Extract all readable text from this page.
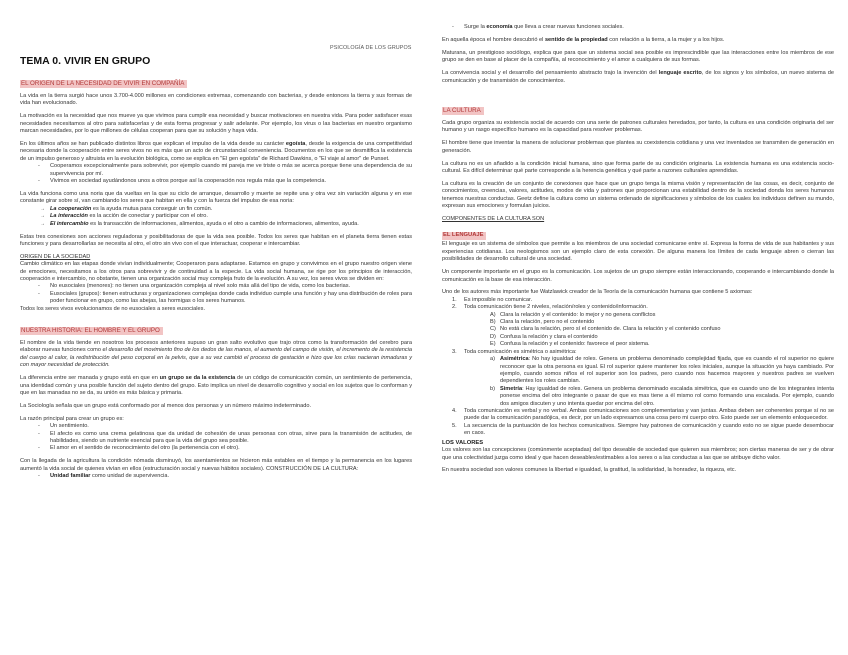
PSICOLOGÍA DE LOS GRUPOS
TEMA 0. VIVIR EN GRUPO
EL ORIGEN DE LA NECESIDAD DE VIVIR EN COMPAÑÍA

La vida en la tierra surgió hace unos 3.700-4.000 millones en condiciones extremas, comenzando con bacterias, y desde entonces la tierra y sus formas de vida han evolucionado.

La motivación es la necesidad que nos mueve ya que vivimos para cumplir esa necesidad y buscar motivaciones en nuestra vida. Para poder satisfacer esas necesidades necesitamos al otro para satisfacerlas y de esta forma progresar y salir adelante. Por ejemplo, los virus o las bacterias en nuestro organismo marcan necesidades, por lo que millones de células cooperan para que su solución y haya vida.

En los últimos años se han publicado distintos libros que explican el impulso de la vida desde su carácter egoísta, desde la exigencia de una competitividad necesaria donde la cooperación entre seres vivos no es más que un acto de circunstancial conveniencia. Documentos en los que se desmitifica la existencia de un impulso generoso y altruista en la evolución biológica, como se explica en "El gen egoísta" de Richard Dawkins, o "El viaje al amor" de Punset.

- Cooperamos excepcionalmente para sobrevivir, por ejemplo cuando mi pareja me ve triste o más se acerca porque tiene una dependencia de su supervivencia por mí.
- Vivimos en sociedad ayudándonos unos a otros porque así la cooperación nos regula más que la competencia.

La vida funciona como una noria que da vueltas en la que su ciclo de arranque, desarrollo y muerte se repite una y otra vez sin variación alguna y en ese constante girar sobre sí, van cambiando los seres que habitan en ella y con la fuerza del impulso de esa noria:

→ La cooperación es la ayuda mutua para conseguir un fin común.
→ La interacción es la acción de conectar y participar con el otro.
→ El intercambio es la transacción de informaciones, alimentos, ayuda o el otro a cambio de informaciones, alimentos, ayuda.

Estas tres conexiones son acciones reguladoras y posibilitadoras de que la vida sea posible. Todos los seres que habitan en el planeta tierra tienen estas funciones y para desarrollarlas se necesita al otro, el otro sin vivo con el que interactuar, cooperar e intercambiar.

ORIGEN DE LA SOCIEDAD

Cambio climático en las etapas donde vivían individualmente; Cooperaron para adaptarse. Estamos en grupo y convivimos en el grupo nuestro origen viene de emociones, necesitamos a los otros para sobrevivir y de continuidad a la especie. La vida social humana, se rige por los principios de interacción, cooperación e intercambio, no obstante, tienen una organización social muy compleja fruto de la evolución. A su vez, los seres vivos se dividen en:

- No eusociales (menores): no tienen una organización compleja al nivel solo más allá del tipo de vida, como los bacterias.
- Eusociales (grupos): tienen estructuras y organizaciones complejas donde cada individuo cumple una función y hay una distribución de roles para poder funcionar en grupo, como las abejas, las hormigas o los seres humanos.

Todos los seres vivos evolucionamos de no eusociales a seres eusociales.

NUESTRA HISTORIA: EL HOMBRE Y EL GRUPO

El nombre de la vida tiende en nosotros los procesos anteriores supuso un gran salto evolutivo que trajo otros como la transformación del cerebro para elaborar nuevas funciones como el desarrollo del movimiento fino de los dedos de las manos, el aumento del campo de visión, el incremento de la resistencia del cuerpo al calor, la redistribución del peso corporal en la pelvis, que a su vez cambió el proceso de gestación e hizo que los crías nacieran inmaduras y con mayor necesidad de protección.

La diferencia entre ser manada y grupo está en que en un grupo se da la existencia de un código de comunicación común, un sentimiento de pertenencia, una identidad común y una posible función del sujeto dentro del grupo. Esto implica un nivel de desarrollo cognitivo y social en los sujetos que lo conforman y que en las manadas no se da, su unión es más básica y primaria.

La Sociología señala que un grupo está conformado por al menos dos personas y un número máximo indeterminado.

La razón principal para crear un grupo es:

- Un sentimiento.
- El afecto es como una crema gelatinosa que da unidad de cohesión de unas personas con otras, sirve para la transmisión de actitudes, de habilidades, siendo un nutriente esencial para que la vida del grupo sea posible.
- El amor en el sentido de reconocimiento del otro (la pertenencia con el otro).

Con la llegada de la agricultura la condición nómada disminuyó, los asentamientos se hicieron más estables en el tiempo y la permanencia en los lugares aumentó la vida social de quienes vivían en ellos (estructuración social y nuevas hábitos sociales). CONSTRUCCIÓN DE LA CULTURA:

- Unidad familiar como unidad de supervivencia.
- Surge la economía que lleva a crear nuevas funciones sociales.

En aquella época el hombre descubrió el sentido de la propiedad con relación a la tierra, a la mujer y a los hijos.

Maturana, un prestigioso sociólogo, explica que para que un sistema social sea posible es imprescindible que las interacciones entre los miembros de ese grupo se den en base al placer de la compañía, al reconocimiento y el amor a cualquiera de sus formas.

La convivencia social y el desarrollo del pensamiento abstracto trajo la invención del lenguaje escrito, de los signos y los símbolos, un nuevo sistema de comunicación y de transmisión de conocimientos.

LA CULTURA

Cada grupo organiza su existencia social de acuerdo con una serie de patrones culturales heredados, por tanto, la cultura es una condición originaria del ser humano y un rasgo específico humano es la capacidad para resolver problemas.

El hombre tiene que inventar la manera de solucionar problemas que plantea su coexistencia cotidiana y una vez inventados se transmiten de generación en generación.

La cultura no es un añadido a la condición inicial humana, sino que forma parte de su condición originaria. La existencia humana es una existencia socio-cultural. Es difícil determinar qué parte corresponde a la herencia genética y qué parte a razones culturales aprendidas.

La cultura es la creación de un conjunto de conexiones que hace que un grupo tenga la misma visión y representación de las cosas, es decir, conjunto de conocimientos, creencias, valores, actitudes, modos de vida y patrones que proporcionan una estabilidad dentro de la sociedad donda los seres humanos tenemos nuestras conductas. Geetz define la cultura como un sistema ordenado de significaciones y símbolos de los cuales los individuos definen su mundo, expresan sus emociones y formulan juicios.

COMPONENTES DE LA CULTURA SON

EL LENGUAJE

El lenguaje es un sistema de símbolos que permite a los miembros de una sociedad comunicarse entre sí. Expresa la forma de vida de sus habitantes y sus experiencias cotidianas. Los neologismos son un ejemplo claro de esta conexión. De alguna manera los límites de cada lenguaje abren o cierran las posibilidades de desarrollo cultural de una sociedad.

Un componente importante en el grupo es la comunicación. Los sujetos de un grupo siempre están interaccionando, cooperando e intercambiando donde la comunicación es la base de esa interacción.

Uno de los autores más importante fue Watzlawick creador de la Teoría de la comunicación humana que contiene 5 axiomas:

1. Es imposible no comunicar.
2. Toda comunicación tiene 2 niveles, relación/roles y contenido/información.
A) Clara la relación y el contenido: lo mejor y no genera conflictos
B) Clara la relación, pero no el contenido
C) No está clara la relación, pero sí el contenido de. Clara la relación y el contenido confuso
D) Confusa la relación y clara el contenido
E) Confusa la relación y el contenido: favorece el peor sistema.
3. Toda comunicación es simétrica o asimétrica:
a) Asimétrica: No hay igualdad de roles. Genera un problema denominado complejidad fijada, que es cuando el rol superior no quiere reconocer que la otra persona es igual. El rol superior quiere mantener los roles iniciales, aunque la situación ya haya cambiado. Por ejemplo, cuando somos niños el rol superior son los padres, pero cuando nos hacemos mayores y nuestros padres se vuelven dependientes los roles cambian.
b) Simetría: Hay igualdad de roles. Genera un problema denominado escalada simétrica, que es cuando uno de los integrantes intenta ponerse encima del otro integrante o pasar de que es mas tiene a él mismo rol como formando una escalada. Por ejemplo, cuando dos amigos discuten y uno intenta quedar por encima del otro.
4. Toda comunicación es verbal y no verbal. Ambas comunicaciones son complementarias y van juntas. Ambas deben ser coherentes porque sí no se puede dar la comunicación paradójica, es decir, por un lado expresamos una cosa pero mi cuerpo otro. Esto puede ser un elemento enloquecedor.
5. La secuencia de la puntuación de los hechos comunicativos. Siempre hay patrones de comunicación y cuando esto no se sigue puede desembocar en caos.

LOS VALORES

Los valores son las concepciones (comúnmente aceptadas) del tipo deseable de sociedad que quieren sus miembros; son ciertas maneras de ser y de obrar que una colectividad juzga como ideal y que hacen deseables/estimables a los seres o a las conductas a las que se atribuye dicho valor.

En nuestra sociedad son valores comunes la libertad e igualdad, la gratitud, la solidaridad, la honradez, la riqueza, etc.
